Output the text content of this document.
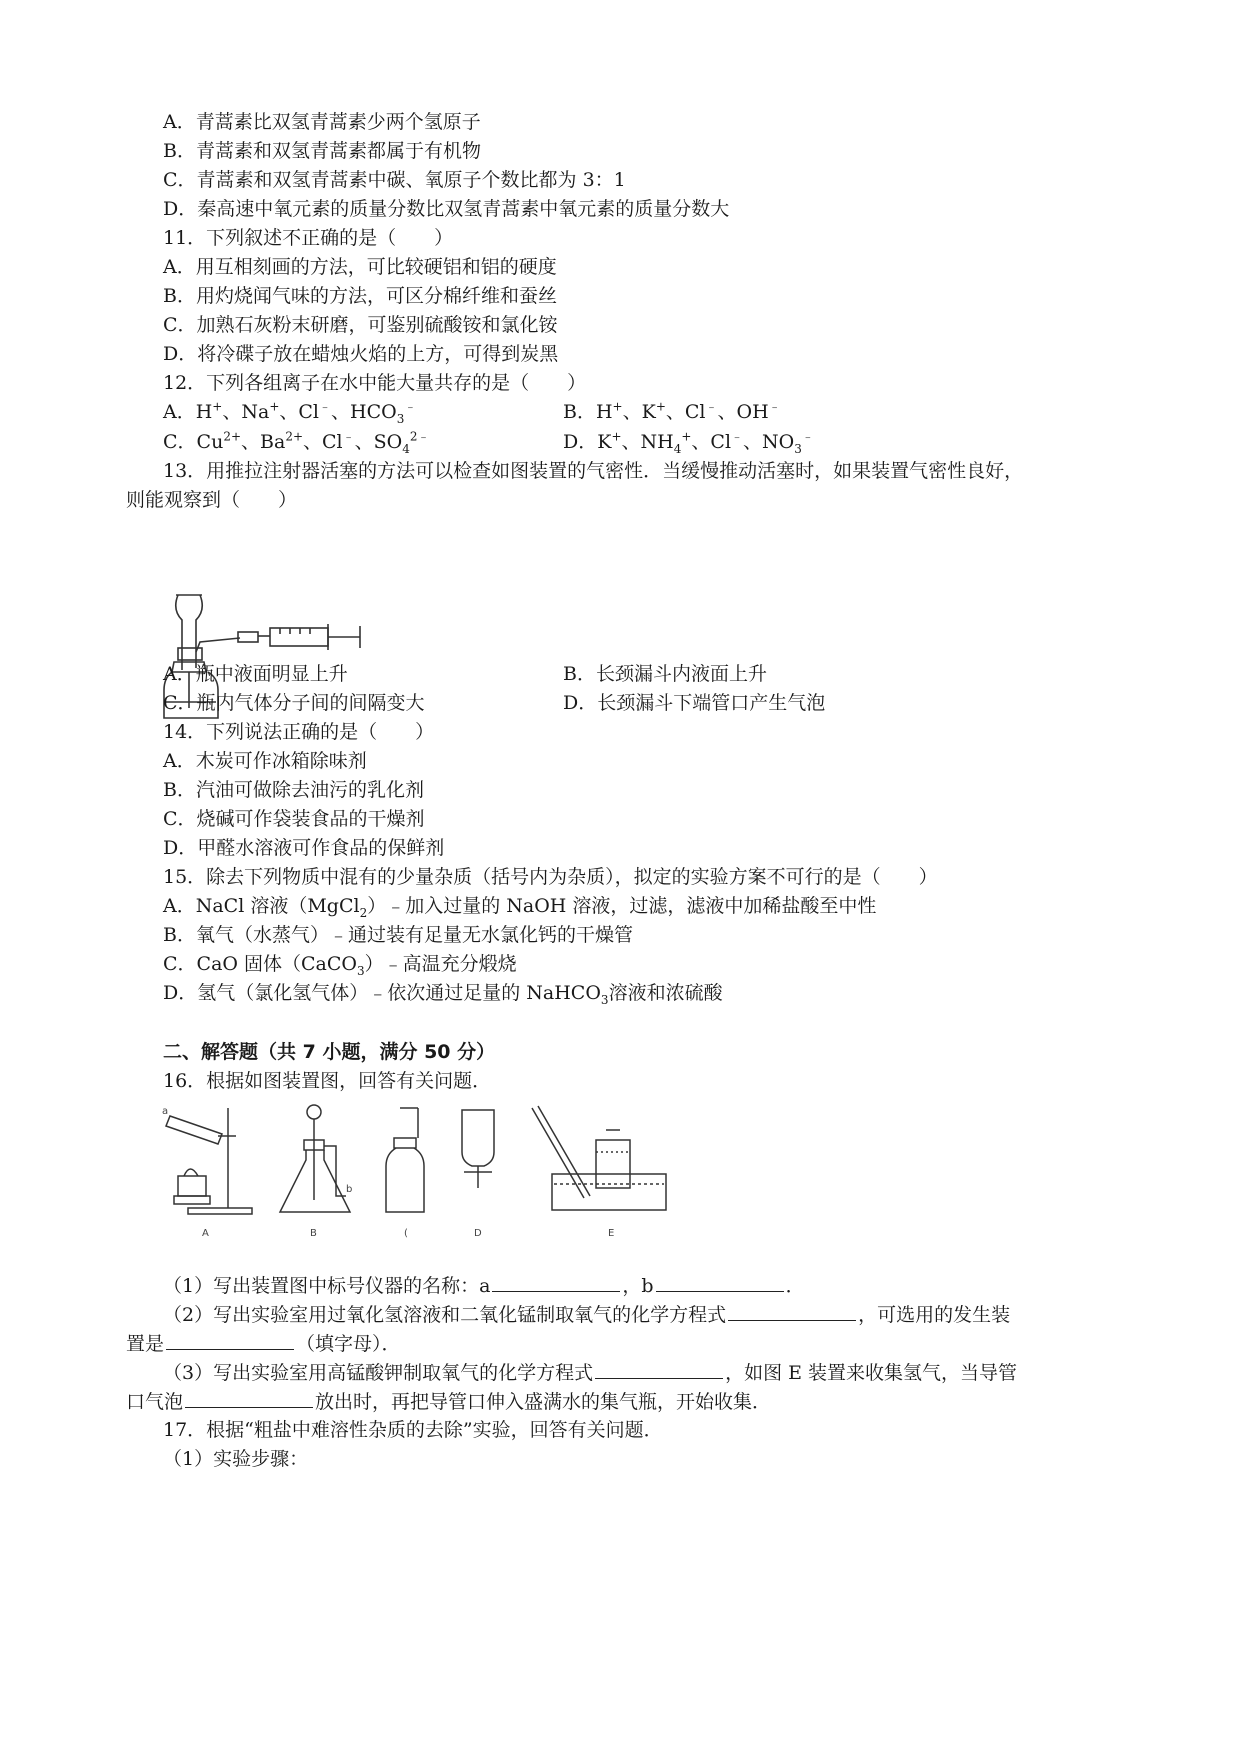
A．青蒿素比双氢青蒿素少两个氢原子
B．青蒿素和双氢青蒿素都属于有机物
C．青蒿素和双氢青蒿素中碳、氧原子个数比都为 3：1
D．秦高速中氧元素的质量分数比双氢青蒿素中氧元素的质量分数大
11．下列叙述不正确的是（　　）
A．用互相刻画的方法，可比较硬铝和铝的硬度
B．用灼烧闻气味的方法，可区分棉纤维和蚕丝
C．加熟石灰粉末研磨，可鉴别硫酸铵和氯化铵
D．将冷碟子放在蜡烛火焰的上方，可得到炭黑
12．下列各组离子在水中能大量共存的是（　　）
A．H+、Na+、Cl﹣、$HCO_3^﹣$	B．H+、K+、Cl﹣、OH﹣
C．$Cu^{2+}$、$Ba^{2+}$、Cl﹣、$SO_4^{2﹣}$	D．K+、$NH_4^+$、Cl﹣、$NO_3^﹣$
13．用推拉注射器活塞的方法可以检查如图装置的气密性．当缓慢推动活塞时，如果装置气密性良好，
则能观察到（　　）
A．瓶中液面明显上升	B．长颈漏斗内液面上升
C．瓶内气体分子间的间隔变大	D．长颈漏斗下端管口产生气泡
14．下列说法正确的是（　　）
A．木炭可作冰箱除味剂
B．汽油可做除去油污的乳化剂
C．烧碱可作袋装食品的干燥剂
D．甲醛水溶液可作食品的保鲜剂
15．除去下列物质中混有的少量杂质（括号内为杂质），拟定的实验方案不可行的是（　　）
A．NaCl 溶液（MgCl$_2$）﹣加入过量的 NaOH 溶液，过滤，滤液中加稀盐酸至中性
B．氧气（水蒸气）﹣通过装有足量无水氯化钙的干燥管
C．CaO 固体（CaCO$_3$）﹣高温充分煅烧
D．氢气（氯化氢气体）﹣依次通过足量的 NaHCO$_3$溶液和浓硫酸
二、解答题（共 7 小题，满分 50 分）
16．根据如图装置图，回答有关问题．
a
b
A	B	(	D	E
（1）写出装置图中标号仪器的名称：a	，b	．
（2）写出实验室用过氧化氢溶液和二氧化锰制取氧气的化学方程式	，可选用的发生装
置是	（填字母）．
（3）写出实验室用高锰酸钾制取氧气的化学方程式	，如图 E 装置来收集氢气，当导管
口气泡	放出时，再把导管口伸入盛满水的集气瓶，开始收集．
17．根据“粗盐中难溶性杂质的去除”实验，回答有关问题．
（1）实验步骤：
